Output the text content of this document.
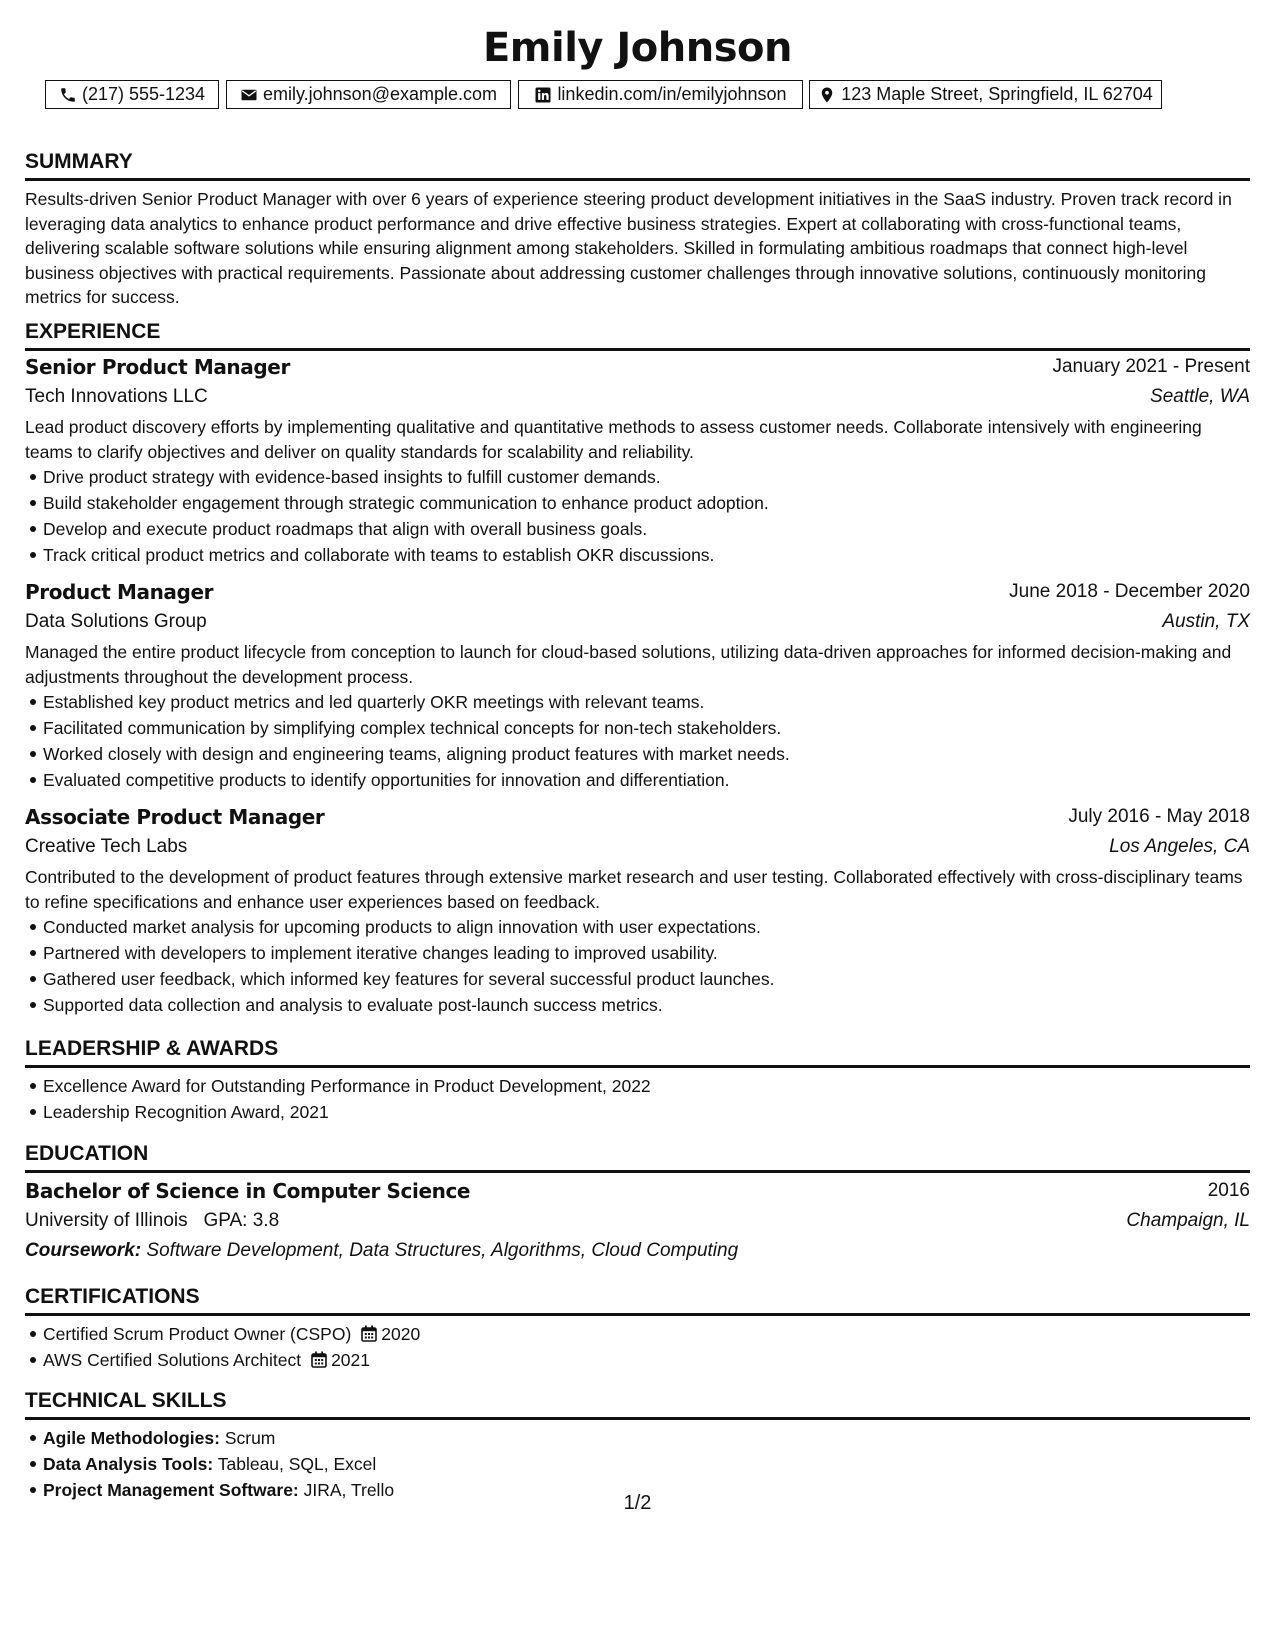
Emily Johnson
(217) 555-1234	emily.johnson@example.com	linkedin.com/in/emilyjohnson	123 Maple Street, Springfield, IL 62704
SUMMARY

Results-driven Senior Product Manager with over 6 years of experience steering product development initiatives in the SaaS industry. Proven track record in leveraging data analytics to enhance product performance and drive effective business strategies. Expert at collaborating with cross-functional teams, delivering scalable software solutions while ensuring alignment among stakeholders. Skilled in formulating ambitious roadmaps that connect high-level business objectives with practical requirements. Passionate about addressing customer challenges through innovative solutions, continuously monitoring metrics for success.

EXPERIENCE
Senior Product Manager	January 2021 - Present
Tech Innovations LLC	Seattle, WA

Lead product discovery efforts by implementing qualitative and quantitative methods to assess customer needs. Collaborate intensively with engineering teams to clarify objectives and deliver on quality standards for scalability and reliability.

Drive product strategy with evidence-based insights to fulfill customer demands.
Build stakeholder engagement through strategic communication to enhance product adoption.
Develop and execute product roadmaps that align with overall business goals.
Track critical product metrics and collaborate with teams to establish OKR discussions.
Product Manager	June 2018 - December 2020
Data Solutions Group	Austin, TX

Managed the entire product lifecycle from conception to launch for cloud-based solutions, utilizing data-driven approaches for informed decision-making and adjustments throughout the development process.

Established key product metrics and led quarterly OKR meetings with relevant teams.
Facilitated communication by simplifying complex technical concepts for non-tech stakeholders.
Worked closely with design and engineering teams, aligning product features with market needs.
Evaluated competitive products to identify opportunities for innovation and differentiation.
Associate Product Manager	July 2016 - May 2018
Creative Tech Labs	Los Angeles, CA

Contributed to the development of product features through extensive market research and user testing. Collaborated effectively with cross-disciplinary teams to refine specifications and enhance user experiences based on feedback.

Conducted market analysis for upcoming products to align innovation with user expectations.
Partnered with developers to implement iterative changes leading to improved usability.
Gathered user feedback, which informed key features for several successful product launches.
Supported data collection and analysis to evaluate post-launch success metrics.
LEADERSHIP & AWARDS
Excellence Award for Outstanding Performance in Product Development, 2022
Leadership Recognition Award, 2021
EDUCATION
Bachelor of Science in Computer Science	2016
University of Illinois GPA: 3.8	Champaign, IL
Coursework: Software Development, Data Structures, Algorithms, Cloud Computing
CERTIFICATIONS
Certified Scrum Product Owner (CSPO) 2020
AWS Certified Solutions Architect 2021
TECHNICAL SKILLS
Agile Methodologies: Scrum
Data Analysis Tools: Tableau, SQL, Excel
Project Management Software: JIRA, Trello
1/2
